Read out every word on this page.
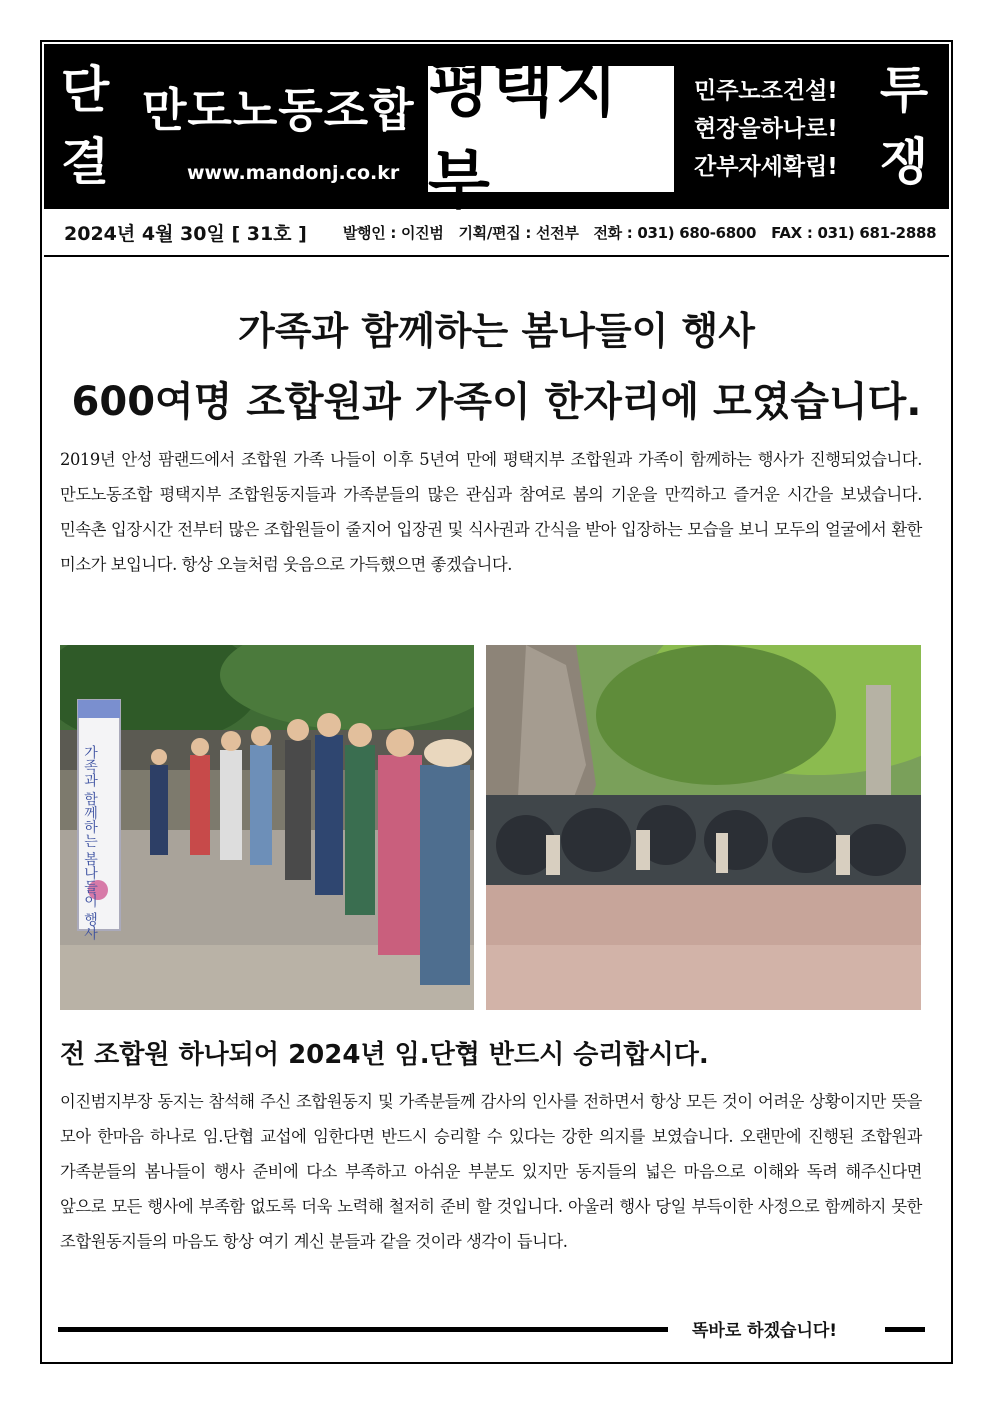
단
결
만도노동조합
www.mandonj.co.kr
평택지부
민주노조건설!
현장을하나로!
간부자세확립!
투
쟁
2024년 4월 30일 [ 31호 ] 발행인 : 이진범 기획/편집 : 선전부 전화 : 031) 680-6800 FAX : 031) 681-2888
가족과 함께하는 봄나들이 행사
600여명 조합원과 가족이 한자리에 모였습니다.

2019년 안성 팜랜드에서 조합원 가족 나들이 이후 5년여 만에 평택지부 조합원과 가족이 함께하는 행사가 진행되었습니다. 만도노동조합 평택지부 조합원동지들과 가족분들의 많은 관심과 참여로 봄의 기운을 만끽하고 즐거운 시간을 보냈습니다. 민속촌 입장시간 전부터 많은 조합원들이 줄지어 입장권 및 식사권과 간식을 받아 입장하는 모습을 보니 모두의 얼굴에서 환한 미소가 보입니다. 항상 오늘처럼 웃음으로 가득했으면 좋겠습니다.

가족과 함께하는 봄나들이 행사
전 조합원 하나되어 2024년 임.단협 반드시 승리합시다.

이진범지부장 동지는 참석해 주신 조합원동지 및 가족분들께 감사의 인사를 전하면서 항상 모든 것이 어려운 상황이지만 뜻을 모아 한마음 하나로 임.단협 교섭에 임한다면 반드시 승리할 수 있다는 강한 의지를 보였습니다. 오랜만에 진행된 조합원과 가족분들의 봄나들이 행사 준비에 다소 부족하고 아쉬운 부분도 있지만 동지들의 넓은 마음으로 이해와 독려 해주신다면 앞으로 모든 행사에 부족함 없도록 더욱 노력해 철저히 준비 할 것입니다. 아울러 행사 당일 부득이한 사정으로 함께하지 못한 조합원동지들의 마음도 항상 여기 계신 분들과 같을 것이라 생각이 듭니다.

똑바로 하겠습니다!
